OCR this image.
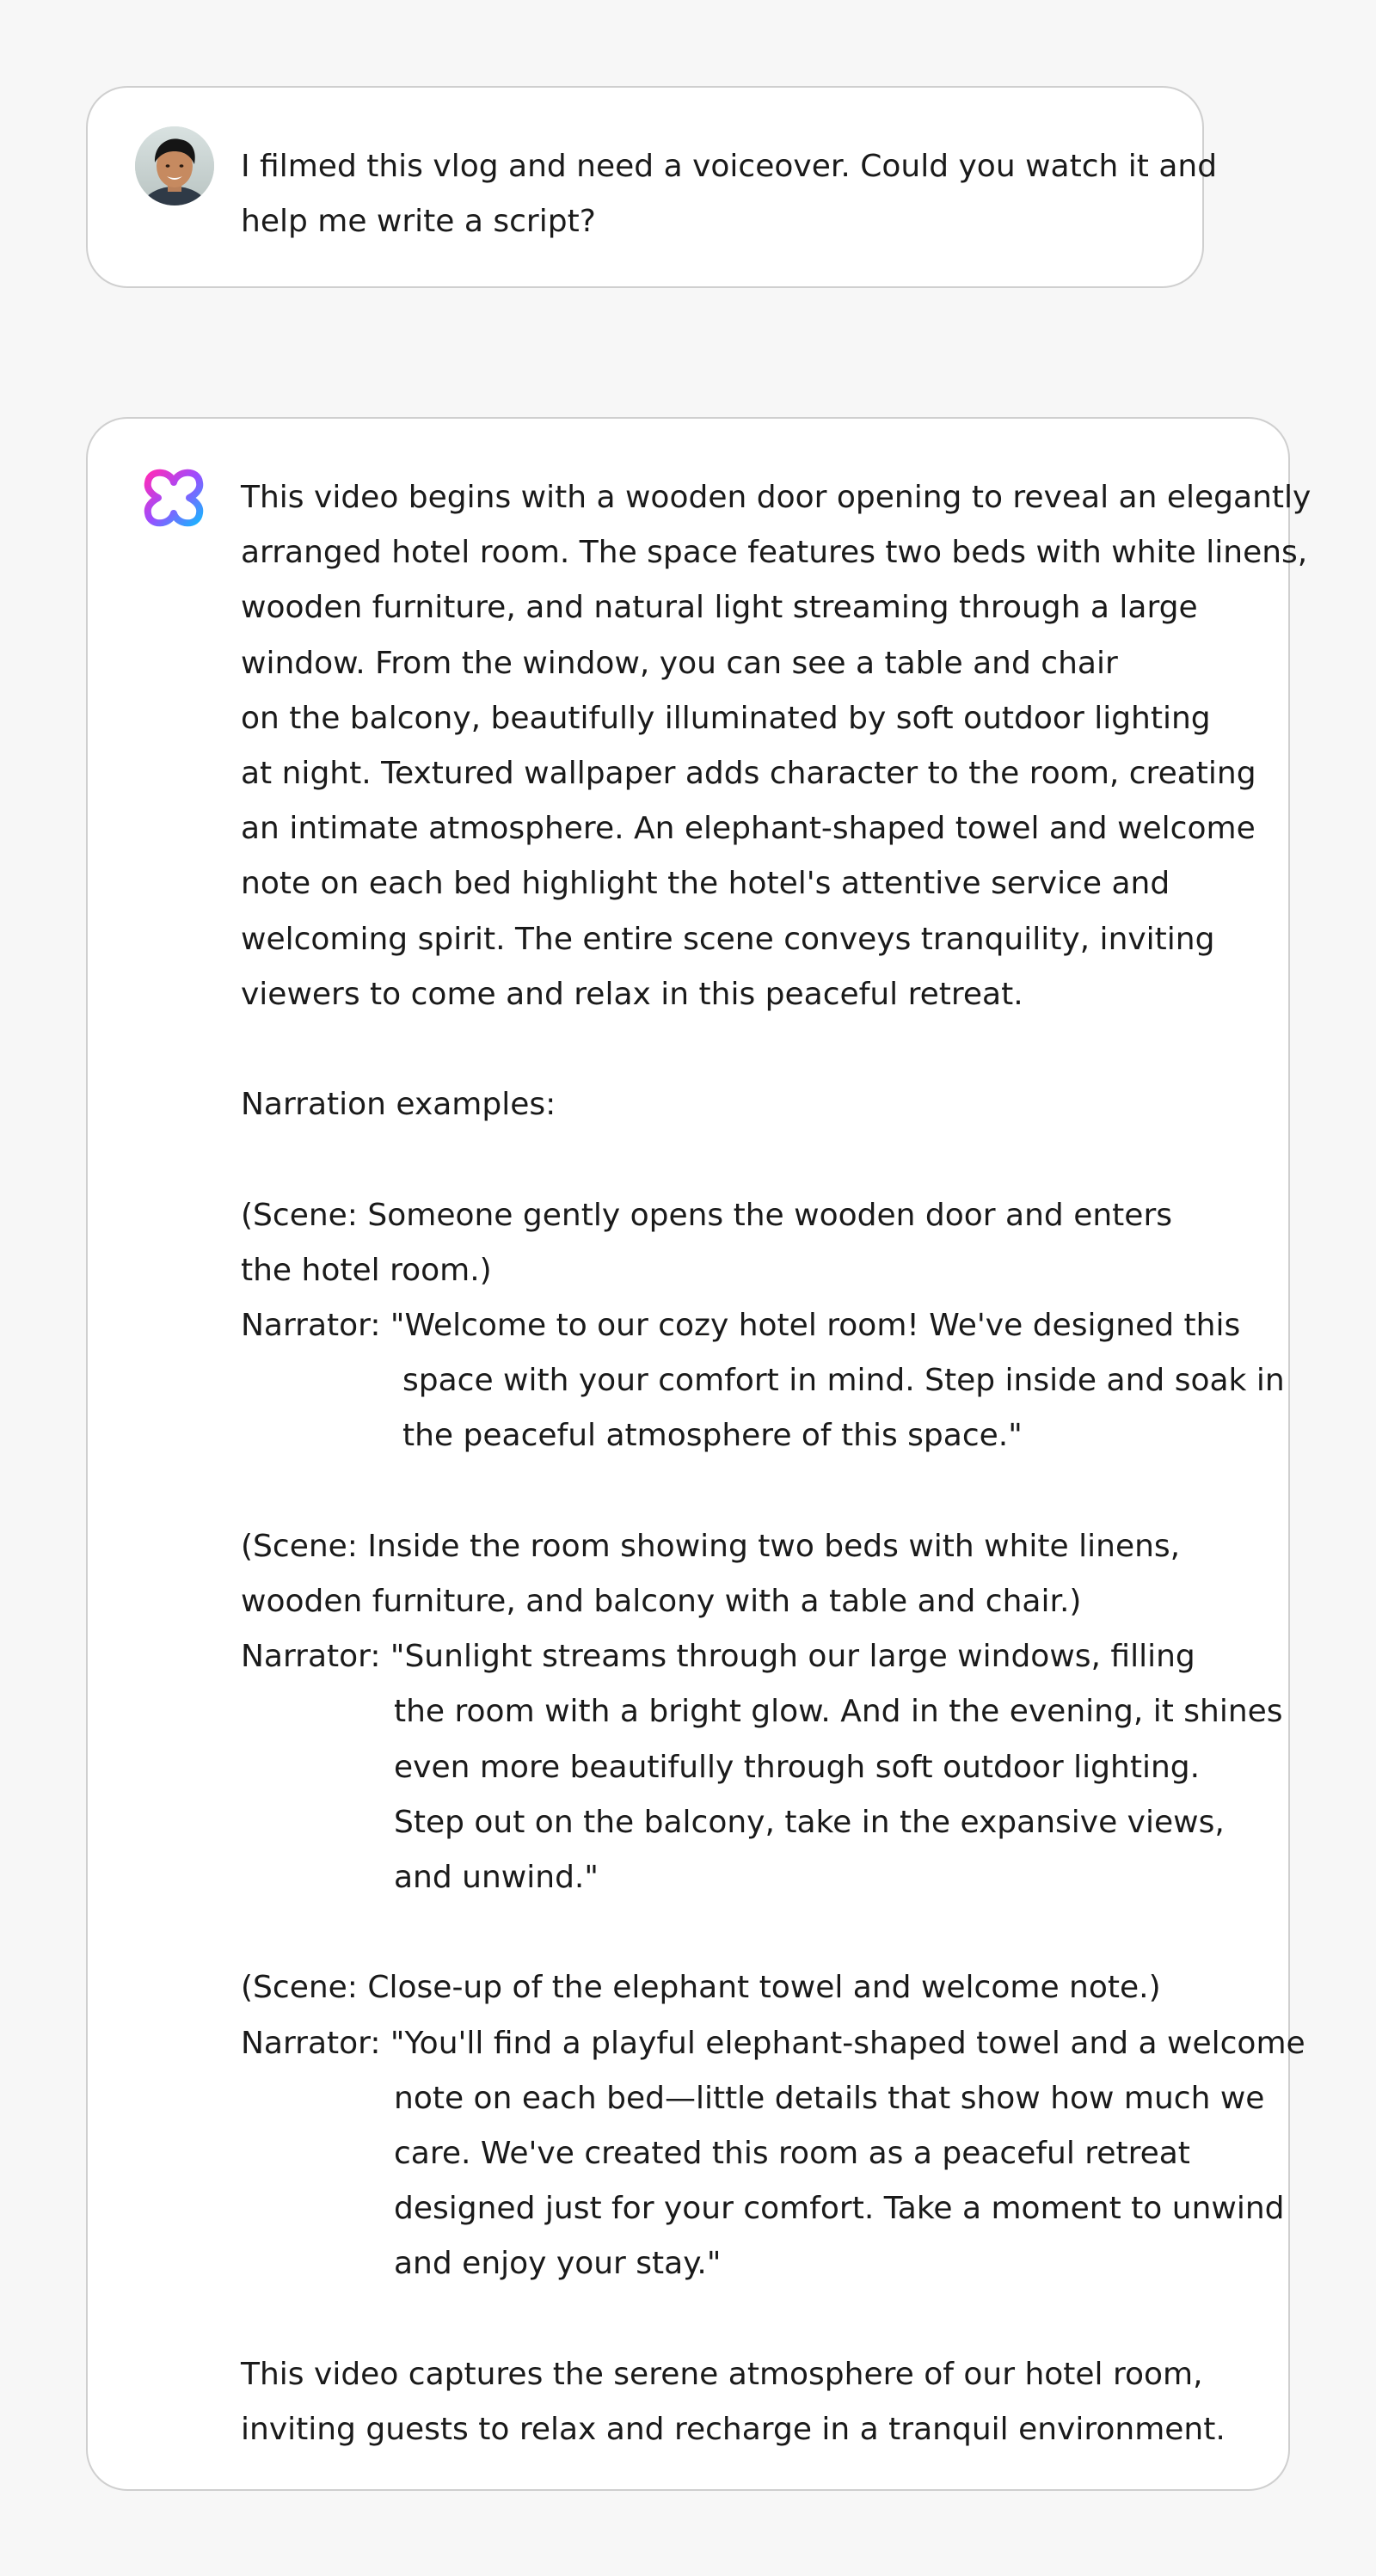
I filmed this vlog and need a voiceover. Could you watch it and
help me write a script?
This video begins with a wooden door opening to reveal an elegantly
arranged hotel room. The space features two beds with white linens,
wooden furniture, and natural light streaming through a large
window. From the window, you can see a table and chair
on the balcony, beautifully illuminated by soft outdoor lighting
at night. Textured wallpaper adds character to the room, creating
an intimate atmosphere. An elephant-shaped towel and welcome
note on each bed highlight the hotel's attentive service and
welcoming spirit. The entire scene conveys tranquility, inviting
viewers to come and relax in this peaceful retreat.
Narration examples:
(Scene: Someone gently opens the wooden door and enters
the hotel room.)
Narrator: "Welcome to our cozy hotel room! We've designed this
space with your comfort in mind. Step inside and soak in
the peaceful atmosphere of this space."
(Scene: Inside the room showing two beds with white linens,
wooden furniture, and balcony with a table and chair.)
Narrator: "Sunlight streams through our large windows, filling
the room with a bright glow. And in the evening, it shines
even more beautifully through soft outdoor lighting.
Step out on the balcony, take in the expansive views,
and unwind."
(Scene: Close-up of the elephant towel and welcome note.)
Narrator: "You'll find a playful elephant-shaped towel and a welcome
note on each bed—little details that show how much we
care. We've created this room as a peaceful retreat
designed just for your comfort. Take a moment to unwind
and enjoy your stay."
This video captures the serene atmosphere of our hotel room,
inviting guests to relax and recharge in a tranquil environment.
